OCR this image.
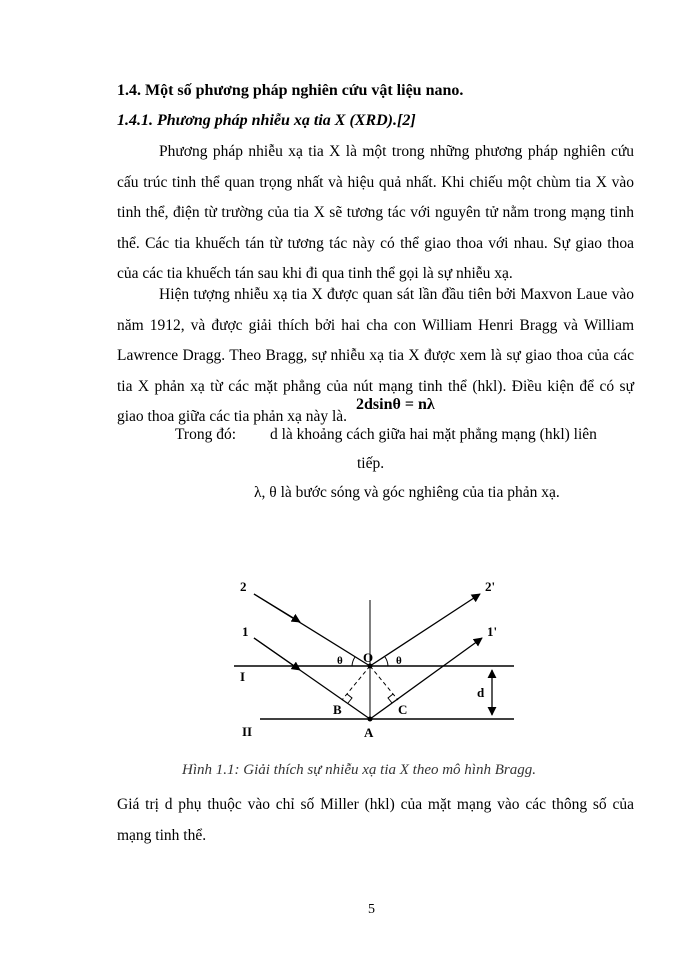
1.4. Một số phương pháp nghiên cứu vật liệu nano.
1.4.1. Phương pháp nhiễu xạ tia X (XRD).[2]

Phương pháp nhiễu xạ tia X là một trong những phương pháp nghiên cứu cấu trúc tinh thể quan trọng nhất và hiệu quả nhất. Khi chiếu một chùm tia X vào tinh thể, điện từ trường của tia X sẽ tương tác với nguyên tử nằm trong mạng tinh thể. Các tia khuếch tán từ tương tác này có thể giao thoa với nhau. Sự giao thoa của các tia khuếch tán sau khi đi qua tinh thể gọi là sự nhiễu xạ.

Hiện tượng nhiễu xạ tia X được quan sát lần đầu tiên bởi Maxvon Laue vào năm 1912, và được giải thích bởi hai cha con William Henri Bragg và William Lawrence Dragg. Theo Bragg, sự nhiễu xạ tia X được xem là sự giao thoa của các tia X phản xạ từ các mặt phẳng của nút mạng tinh thể (hkl). Điều kiện để có sự giao thoa giữa các tia phản xạ này là.

2dsinθ = nλ
Trong đó: d là khoảng cách giữa hai mặt phẳng mạng (hkl) liên
tiếp.
λ, θ là bước sóng và góc nghiêng của tia phản xạ.
2
1
2'
1'
O
A
B	C
I
II
d
θ	θ
Hình 1.1: Giải thích sự nhiễu xạ tia X theo mô hình Bragg.

Giá trị d phụ thuộc vào chỉ số Miller (hkl) của mặt mạng vào các thông số của mạng tinh thể.

5
